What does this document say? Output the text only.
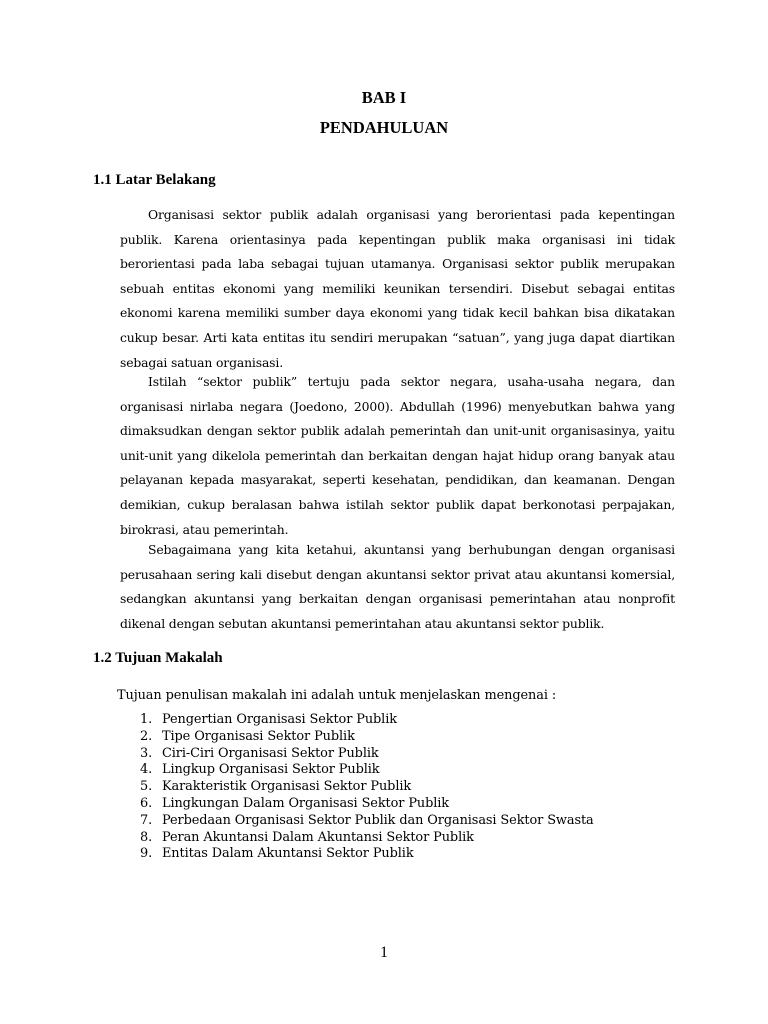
BAB I
PENDAHULUAN
1.1 Latar Belakang

Organisasi sektor publik adalah organisasi yang berorientasi pada kepentingan publik. Karena orientasinya pada kepentingan publik maka organisasi ini tidak berorientasi pada laba sebagai tujuan utamanya. Organisasi sektor publik merupakan sebuah entitas ekonomi yang memiliki keunikan tersendiri. Disebut sebagai entitas ekonomi karena memiliki sumber daya ekonomi yang tidak kecil bahkan bisa dikatakan cukup besar. Arti kata entitas itu sendiri merupakan “satuan”, yang juga dapat diartikan sebagai satuan organisasi.

Istilah “sektor publik” tertuju pada sektor negara, usaha-usaha negara, dan organisasi nirlaba negara (Joedono, 2000). Abdullah (1996) menyebutkan bahwa yang dimaksudkan dengan sektor publik adalah pemerintah dan unit-unit organisasinya, yaitu unit-unit yang dikelola pemerintah dan berkaitan dengan hajat hidup orang banyak atau pelayanan kepada masyarakat, seperti kesehatan, pendidikan, dan keamanan. Dengan demikian, cukup beralasan bahwa istilah sektor publik dapat berkonotasi perpajakan, birokrasi, atau pemerintah.

Sebagaimana yang kita ketahui, akuntansi yang berhubungan dengan organisasi perusahaan sering kali disebut dengan akuntansi sektor privat atau akuntansi komersial, sedangkan akuntansi yang berkaitan dengan organisasi pemerintahan atau nonprofit dikenal dengan sebutan akuntansi pemerintahan atau akuntansi sektor publik.

1.2 Tujuan Makalah

Tujuan penulisan makalah ini adalah untuk menjelaskan mengenai :

1. Pengertian Organisasi Sektor Publik
2. Tipe Organisasi Sektor Publik
3. Ciri-Ciri Organisasi Sektor Publik
4. Lingkup Organisasi Sektor Publik
5. Karakteristik Organisasi Sektor Publik
6. Lingkungan Dalam Organisasi Sektor Publik
7. Perbedaan Organisasi Sektor Publik dan Organisasi Sektor Swasta
8. Peran Akuntansi Dalam Akuntansi Sektor Publik
9. Entitas Dalam Akuntansi Sektor Publik

1
